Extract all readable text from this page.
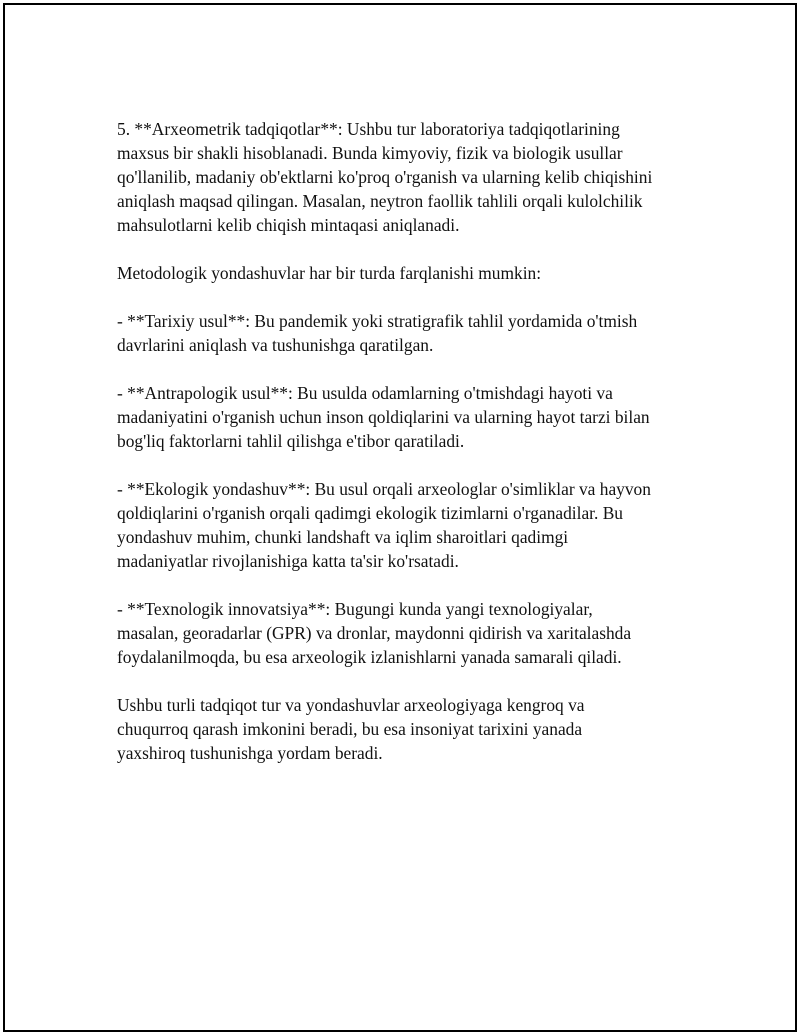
5. **Arxeometrik tadqiqotlar**: Ushbu tur laboratoriya tadqiqotlarining
maxsus bir shakli hisoblanadi. Bunda kimyoviy, fizik va biologik usullar
qo'llanilib, madaniy ob'ektlarni ko'proq o'rganish va ularning kelib chiqishini
aniqlash maqsad qilingan. Masalan, neytron faollik tahlili orqali kulolchilik
mahsulotlarni kelib chiqish mintaqasi aniqlanadi.

Metodologik yondashuvlar har bir turda farqlanishi mumkin:

- **Tarixiy usul**: Bu pandemik yoki stratigrafik tahlil yordamida o'tmish
davrlarini aniqlash va tushunishga qaratilgan.

- **Antrapologik usul**: Bu usulda odamlarning o'tmishdagi hayoti va
madaniyatini o'rganish uchun inson qoldiqlarini va ularning hayot tarzi bilan
bog'liq faktorlarni tahlil qilishga e'tibor qaratiladi.

- **Ekologik yondashuv**: Bu usul orqali arxeologlar o'simliklar va hayvon
qoldiqlarini o'rganish orqali qadimgi ekologik tizimlarni o'rganadilar. Bu
yondashuv muhim, chunki landshaft va iqlim sharoitlari qadimgi
madaniyatlar rivojlanishiga katta ta'sir ko'rsatadi.

- **Texnologik innovatsiya**: Bugungi kunda yangi texnologiyalar,
masalan, georadarlar (GPR) va dronlar, maydonni qidirish va xaritalashda
foydalanilmoqda, bu esa arxeologik izlanishlarni yanada samarali qiladi.

Ushbu turli tadqiqot tur va yondashuvlar arxeologiyaga kengroq va
chuqurroq qarash imkonini beradi, bu esa insoniyat tarixini yanada
yaxshiroq tushunishga yordam beradi.
